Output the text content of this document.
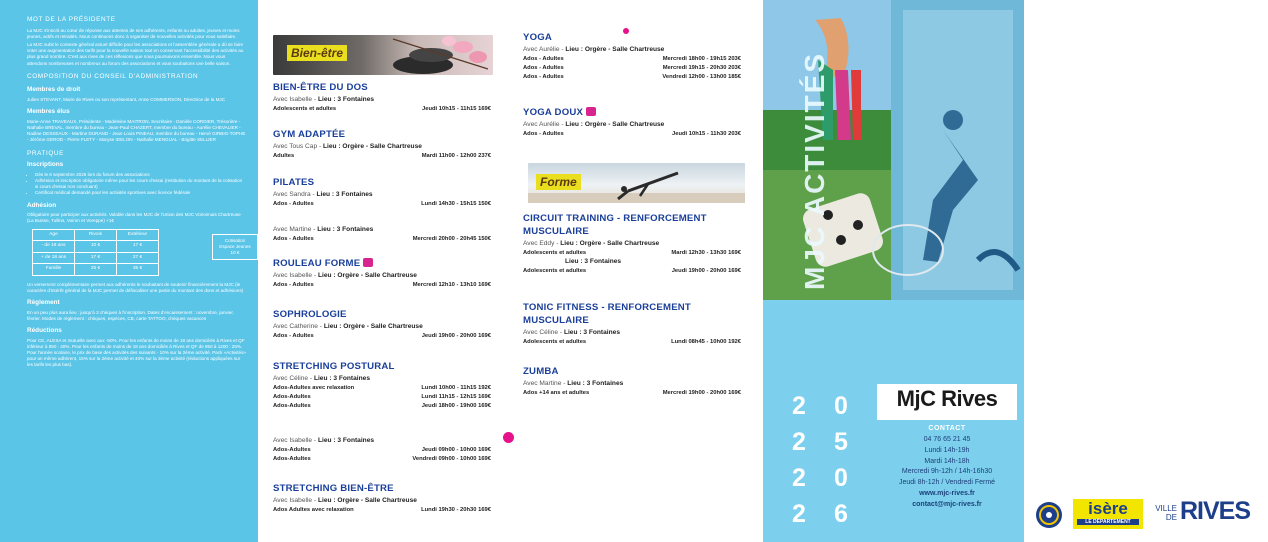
MOT DE LA PRÉSIDENTE

La MJC s'inscrit au cœur de réponse aux attentes de ses adhérents, enfants ou adultes, jeunes et moins jeunes, actifs et retraités. Nous continuons donc à organiser de nouvelles activités pour vous satisfaire.

La MJC subit le contexte général actuel difficile pour les associations et l'assemblée générale a dû se faire voter une augmentation des tarifs pour la nouvelle saison tout en conservant l'accessibilité des activités au plus grand nombre. C'est aux rives de ces réflexions que nous poursuivons ensemble. Nous vous attendons nombreuses et nombreux au forum des associations et vous souhaitons une belle saison.

COMPOSITION DU CONSEIL D'ADMINISTRATION
Membres de droit

Julien STEVANT, Maire de Rives ou son représentant, Anne COMMERSON, Directrice de la MJC

Membres élus

Marie-Anne TRAVEAUX, Présidente - Madeleine MAITRON, Secrétaire - Danièle CORDIER, Trésorière - Nathalie BREVAL, membre du bureau - Jean-Paul CHAZERT, membre du bureau - Aurélie CHEVALIER - Nadine DESSEAUX - Martine DURAND - Jean-Louis PINEAU, membre du bureau - Hervé GIRBIG-TOPHE - Jérôme GEROD - Pierre FLETY - Maryse IDELON - Nathalie MENGUAL - Brigitte SELLIER

PRATIQUE
Inscriptions
• Dès le 6 septembre 2025 lors du forum des associations
• Adhésion et inscription obligatoire même pour les cours d'essai (restitution du montant de la cotisation si cours d'essai non concluant)
• Certificat médical demandé pour les activités sportives avec licence fédérale
Adhésion

Obligatoire pour participer aux activités. Valable dans les MJC de l'Union des MJC Voironnais Chartreuse (La Buisse, Tullins, Voiron et Voreppe) +1€

Age	Rivois	Extérieur
- de 18 ans	10 €	17 €
+ de 18 ans	17 €	27 €
Famille	25 €	35 €
Cotisation Espace Jeunes
10 €

Un versement complémentaire permet aux adhérents le souhaitant de soutenir financièrement la MJC (le caractère d'intérêt général de la MJC permet de défiscaliser une partie du montant des dons et adhésions)

Règlement

En un peu plus aura lieu : jusqu'à 3 chèques à l'inscription. Dates d'encaissement : novembre, janvier, février. Modes de règlement : chèques, espèces, CB, carte TATTOO, chèques vacances

Réductions

Pour CE, ALESA et mutuelle avec aux -50%. Pour les enfants de moins de 18 ans domiciliés à Rives et QF inférieur à 850 : 40%. Pour les enfants de moins de 18 ans domiciliés à Rives et QF de 850 à 1200 : 25%. Pour l'année scolaire, le prix de base des activités des suivants - 10% sur la 2ème activité. Pack «Activités» pour un même adhérent, 15% sur la 2ème activité et 40% sur la 3ème activité (réductions appliquées sur les tarifs les plus bas).

Bien-être
BIEN-ÊTRE DU DOS
Avec Isabelle - Lieu : 3 Fontaines
Adolescents et adultes	Jeudi 10h15 - 11h15 169€
GYM ADAPTÉE
Avec Tous Cap - Lieu : Orgère - Salle Chartreuse
Adultes	Mardi 11h00 - 12h00 237€
PILATES
Avec Sandra - Lieu : 3 Fontaines
Ados - Adultes	Lundi 14h30 - 15h15 150€
Avec Martine - Lieu : 3 Fontaines
Ados - Adultes	Mercredi 20h00 - 20h45 150€
ROULEAU FORME
Avec Isabelle - Lieu : Orgère - Salle Chartreuse
Ados - Adultes	Mercredi 12h10 - 13h10 169€
SOPHROLOGIE
Avec Catherine - Lieu : Orgère - Salle Chartreuse
Ados - Adultes	Jeudi 19h00 - 20h00 169€
STRETCHING POSTURAL
Avec Céline - Lieu : 3 Fontaines
Ados-Adultes avec relaxation	Lundi 10h00 - 11h15 192€
Ados-Adultes	Lundi 11h15 - 12h15 169€
Ados-Adultes	Jeudi 18h00 - 19h00 169€
Avec Isabelle - Lieu : 3 Fontaines
Ados-Adultes	Jeudi 09h00 - 10h00 169€
Ados-Adultes	Vendredi 09h00 - 10h00 169€
STRETCHING BIEN-ÊTRE
Avec Isabelle - Lieu : Orgère - Salle Chartreuse
Ados Adultes avec relaxation	Lundi 19h30 - 20h30 169€
YOGA
Avec Aurélie - Lieu : Orgère - Salle Chartreuse
Ados - Adultes	Mercredi 18h00 - 19h15 203€
Ados - Adultes	Mercredi 19h15 - 20h30 203€
Ados - Adultes	Vendredi 12h00 - 13h00 185€
YOGA DOUX
Avec Aurélie - Lieu : Orgère - Salle Chartreuse
Ados - Adultes	Jeudi 10h15 - 11h30 203€
Forme
CIRCUIT TRAINING - RENFORCEMENT MUSCULAIRE
Avec Eddy - Lieu : Orgère - Salle Chartreuse
Adolescents et adultes	Mardi 12h30 - 13h30 169€
Lieu : 3 Fontaines
Adolescents et adultes	Jeudi 19h00 - 20h00 169€
TONIC FITNESS - RENFORCEMENT MUSCULAIRE
Avec Céline - Lieu : 3 Fontaines
Adolescents et adultes	Lundi 08h45 - 10h00 192€
ZUMBA
Avec Martine - Lieu : 3 Fontaines
Ados +14 ans et adultes	Mercredi 19h00 - 20h00 169€
isère
LE DÉPARTEMENT
VILLE DE RIVES
MJC ACTIVITÉS
2 0
2 5
2 0
2 6
MjC Rives
CONTACT
04 76 65 21 45
Lundi 14h-19h
Mardi 14h-18h
Mercredi 9h-12h / 14h-16h30
Jeudi 8h-12h / Vendredi Fermé
www.mjc-rives.fr
contact@mjc-rives.fr
